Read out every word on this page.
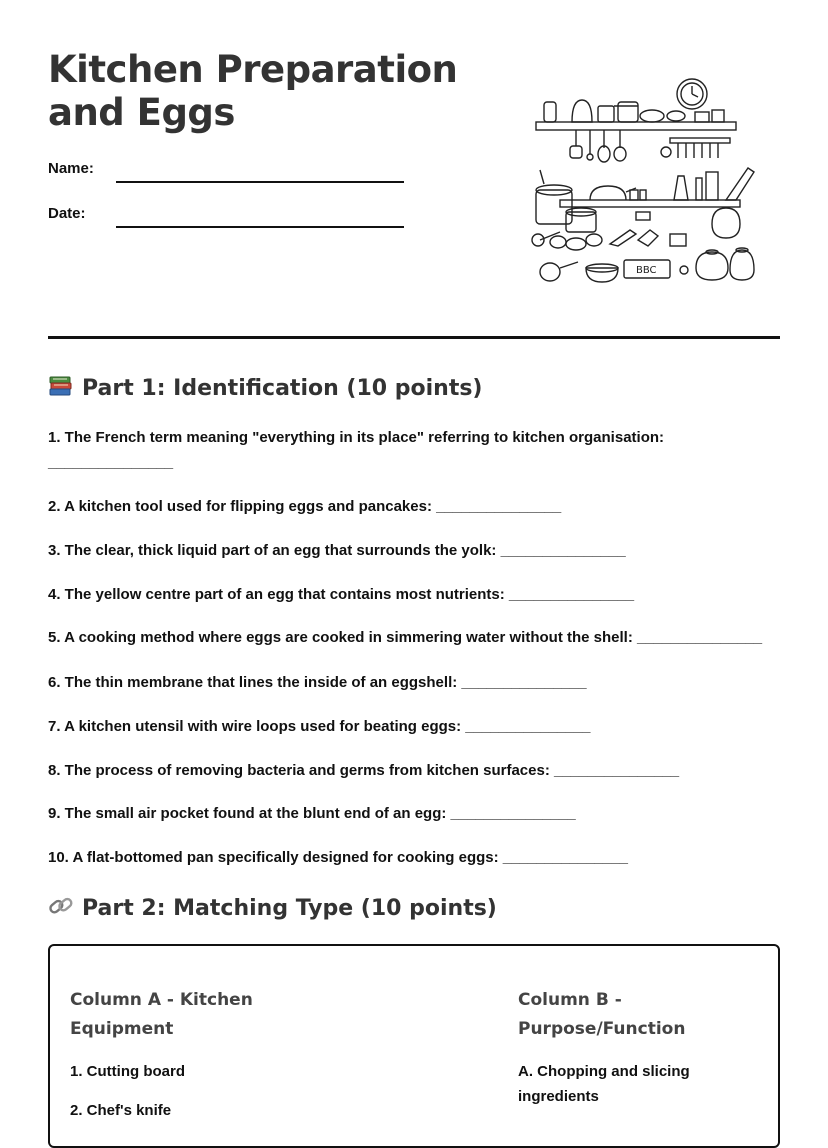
Kitchen Preparation and Eggs
Name:
Date:
BBC
Part 1: Identification (10 points)

1. The French term meaning "everything in its place" referring to kitchen organisation:

_______________

2. A kitchen tool used for flipping eggs and pancakes: _______________

3. The clear, thick liquid part of an egg that surrounds the yolk: _______________

4. The yellow centre part of an egg that contains most nutrients: _______________

5. A cooking method where eggs are cooked in simmering water without the shell: _______________

6. The thin membrane that lines the inside of an eggshell: _______________

7. A kitchen utensil with wire loops used for beating eggs: _______________

8. The process of removing bacteria and germs from kitchen surfaces: _______________

9. The small air pocket found at the blunt end of an egg: _______________

10. A flat-bottomed pan specifically designed for cooking eggs: _______________

Part 2: Matching Type (10 points)
Column A - Kitchen
Equipment

1. Cutting board

2. Chef's knife

Column B -
Purpose/Function
A. Chopping and slicing
ingredients
